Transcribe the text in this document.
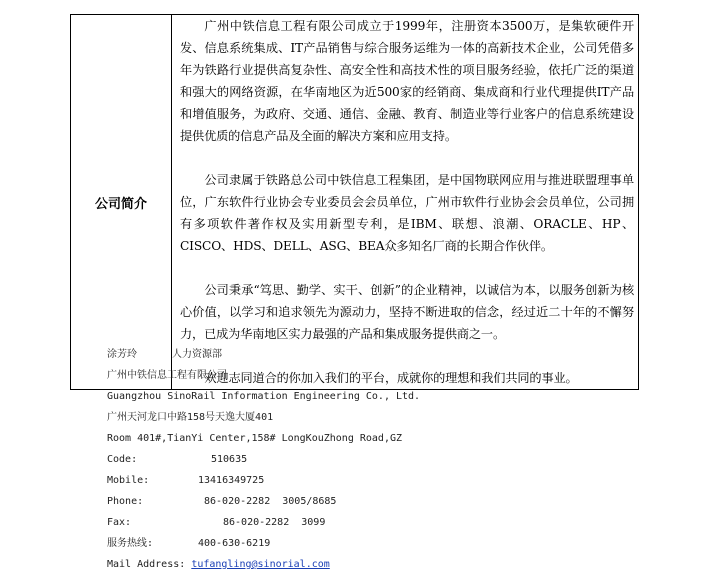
公司简介	

广州中铁信息工程有限公司成立于1999年，注册资本3500万，是集软硬件开发、信息系统集成、IT产品销售与综合服务运维为一体的高新技术企业，公司凭借多年为铁路行业提供高复杂性、高安全性和高技术性的项目服务经验，依托广泛的渠道和强大的网络资源，在华南地区为近500家的经销商、集成商和行业代理提供IT产品和增值服务，为政府、交通、通信、金融、教育、制造业等行业客户的信息系统建设提供优质的信息产品及全面的解决方案和应用支持。

公司隶属于铁路总公司中铁信息工程集团，是中国物联网应用与推进联盟理事单位，广东软件行业协会专业委员会会员单位，广州市软件行业协会会员单位，公司拥有多项软件著作权及实用新型专利，是IBM、联想、浪潮、ORACLE、HP、CISCO、HDS、DELL、ASG、BEA众多知名厂商的长期合作伙伴。

公司秉承“笃思、勤学、实干、创新”的企业精神，以诚信为本，以服务创新为核心价值，以学习和追求领先为源动力，坚持不断进取的信念，经过近二十年的不懈努力，已成为华南地区实力最强的产品和集成服务提供商之一。

欢迎志同道合的你加入我们的平台，成就你的理想和我们共同的事业。

涂芳玲	人力资源部
广州中铁信息工程有限公司
Guangzhou SinoRail Information Engineering Co., Ltd.
广州天河龙口中路158号天逸大厦401
Room 401#,TianYi Center,158# LongKouZhong Road,GZ
Code:	510635
Mobile:	13416349725
Phone:	86-020-2282  3005/8685
Fax:	86-020-2282  3099
服务热线:	400-630-6219
Mail Address: tufangling@sinorial.com
